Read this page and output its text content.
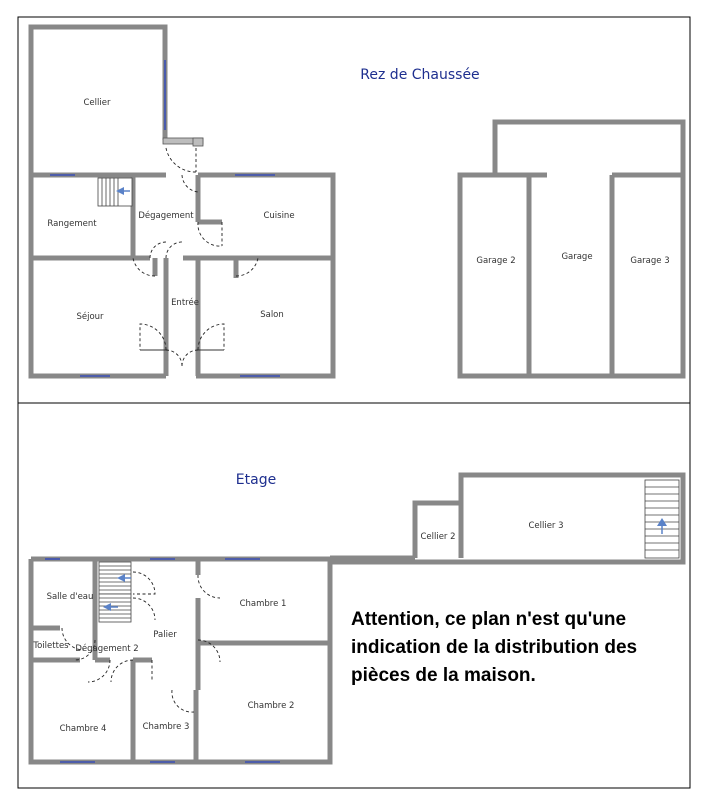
Rez de Chaussée
Cellier
Rangement
Dégagement	Cuisine
Séjour
Entrée
Salon
Garage 2	Garage	Garage 3
Etage
Cellier 2
Cellier 3
Salle d'eau
Toilettes Dégagement 2
Palier
Chambre 1
Chambre 2
Chambre 3
Chambre 4
Attention, ce plan n'est qu'une indication de la distribution des pièces de la maison.
